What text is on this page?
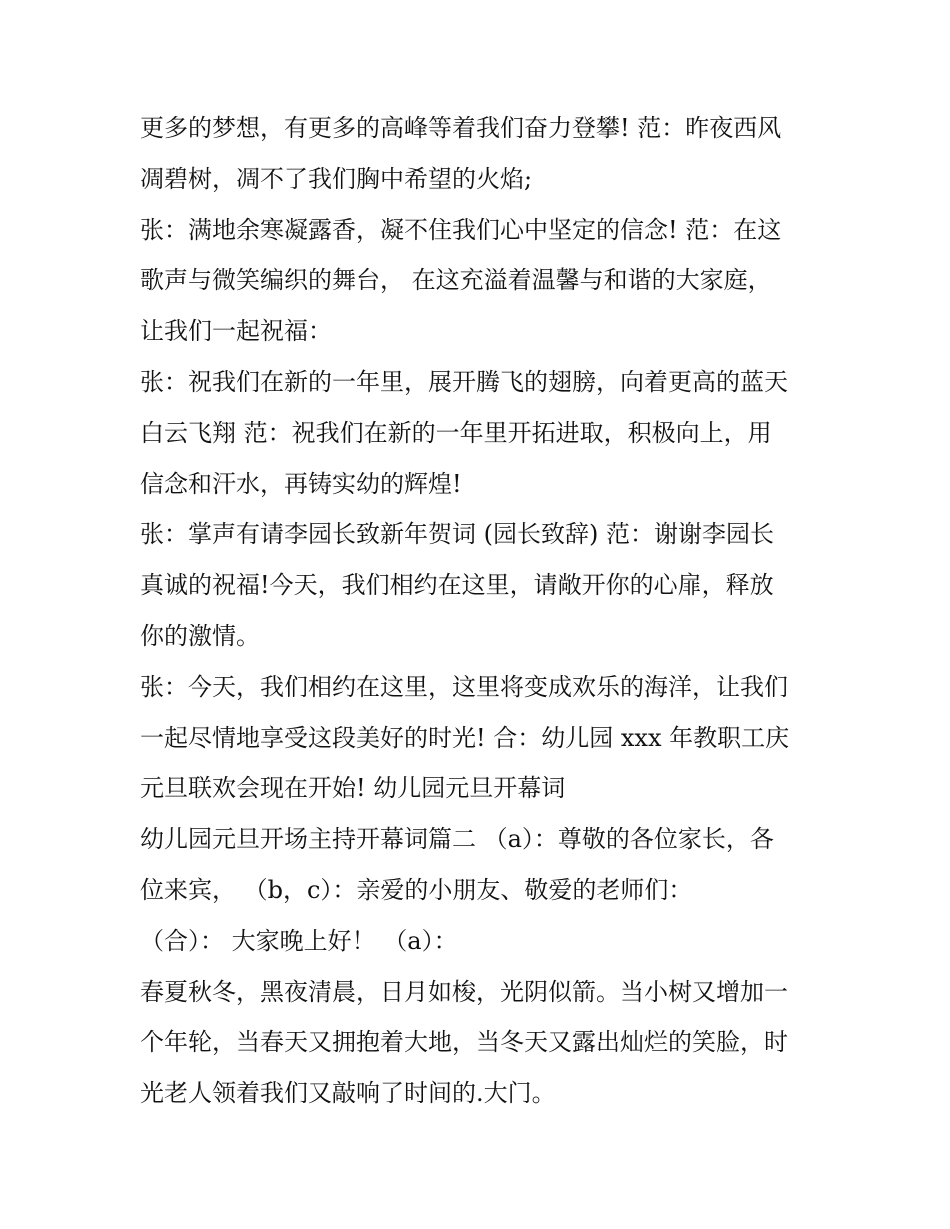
更多的梦想，有更多的高峰等着我们奋力登攀! 范：昨夜西风
凋碧树，凋不了我们胸中希望的火焰;
张：满地余寒凝露香，凝不住我们心中坚定的信念! 范：在这
歌声与微笑编织的舞台， 在这充溢着温馨与和谐的大家庭，
让我们一起祝福：
张：祝我们在新的一年里，展开腾飞的翅膀，向着更高的蓝天
白云飞翔 范：祝我们在新的一年里开拓进取，积极向上，用
信念和汗水，再铸实幼的辉煌!
张：掌声有请李园长致新年贺词 (园长致辞) 范：谢谢李园长
真诚的祝福!今天，我们相约在这里，请敞开你的心扉，释放
你的激情。
张：今天，我们相约在这里，这里将变成欢乐的海洋，让我们
一起尽情地享受这段美好的时光! 合：幼儿园 xxx 年教职工庆
元旦联欢会现在开始! 幼儿园元旦开幕词
幼儿园元旦开场主持开幕词篇二 （a）：尊敬的各位家长，各
位来宾， （b，c）：亲爱的小朋友、敬爱的老师们：
（合）： 大家晚上好！ （a）：
春夏秋冬，黑夜清晨，日月如梭，光阴似箭。当小树又增加一
个年轮，当春天又拥抱着大地，当冬天又露出灿烂的笑脸，时
光老人领着我们又敲响了时间的.大门。
